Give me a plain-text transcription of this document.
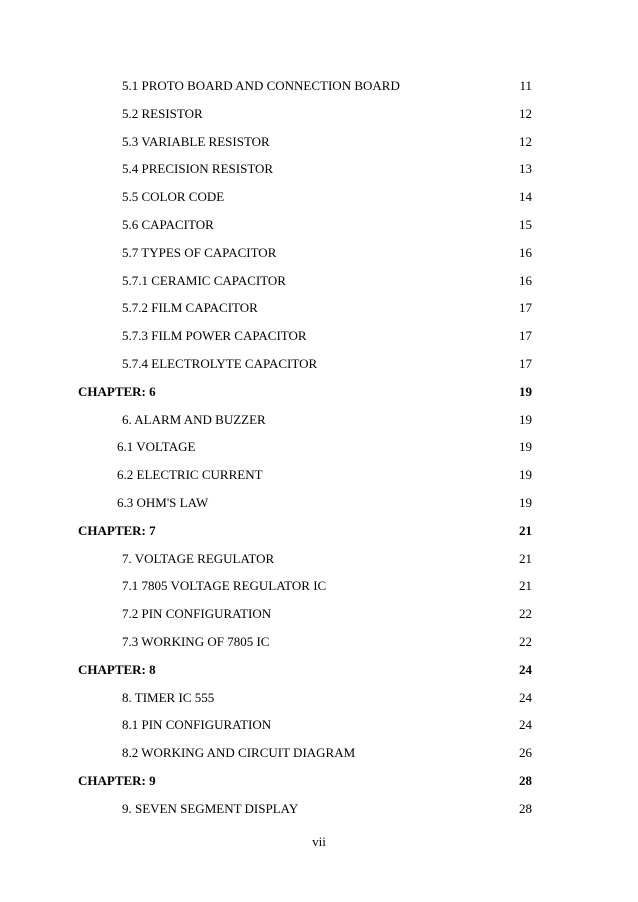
5.1 PROTO BOARD AND CONNECTION BOARD	11
5.2 RESISTOR	12
5.3 VARIABLE RESISTOR	12
5.4 PRECISION RESISTOR	13
5.5 COLOR CODE	14
5.6 CAPACITOR	15
5.7 TYPES OF CAPACITOR	16
5.7.1 CERAMIC CAPACITOR	16
5.7.2 FILM CAPACITOR	17
5.7.3 FILM POWER CAPACITOR	17
5.7.4 ELECTROLYTE CAPACITOR	17
CHAPTER: 6	19
6. ALARM AND BUZZER	19
6.1 VOLTAGE	19
6.2 ELECTRIC CURRENT	19
6.3 OHM'S LAW	19
CHAPTER: 7	21
7. VOLTAGE REGULATOR	21
7.1 7805 VOLTAGE REGULATOR IC	21
7.2 PIN CONFIGURATION	22
7.3 WORKING OF 7805 IC	22
CHAPTER: 8	24
8. TIMER IC 555	24
8.1 PIN CONFIGURATION	24
8.2 WORKING AND CIRCUIT DIAGRAM	26
CHAPTER: 9	28
9. SEVEN SEGMENT DISPLAY	28
vii
